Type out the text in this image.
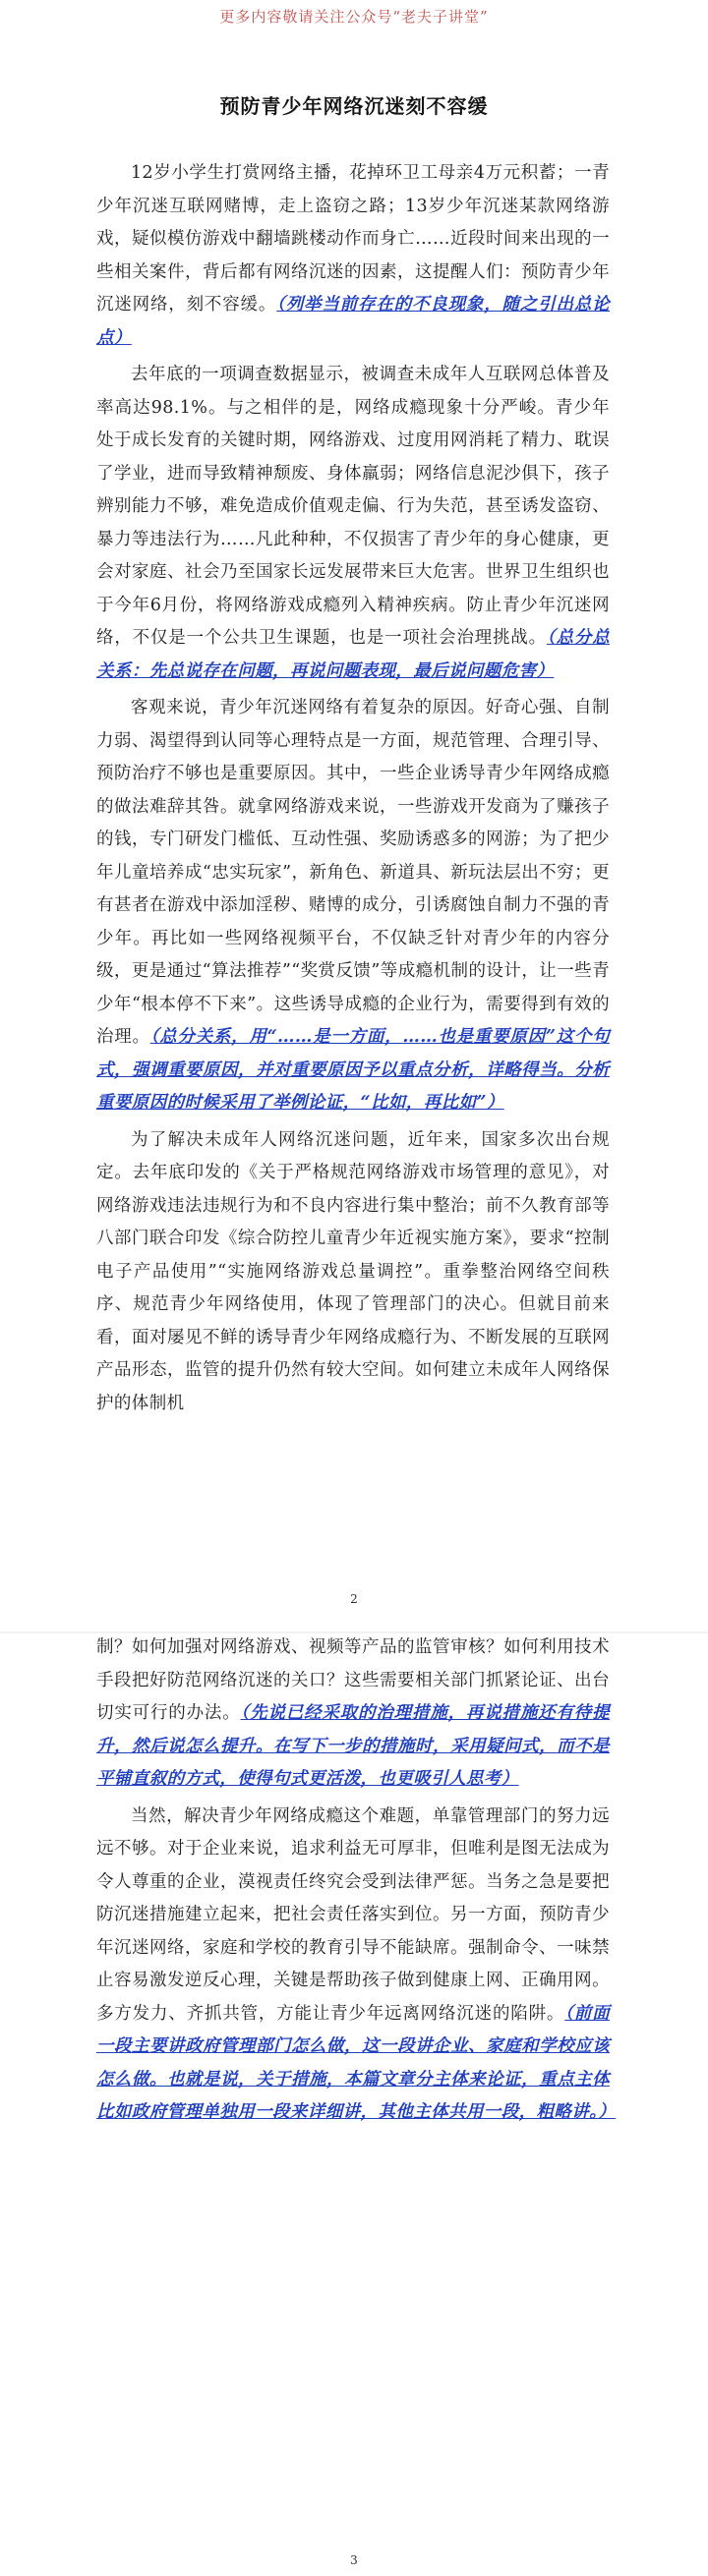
更多内容敬请关注公众号“老夫子讲堂”
预防青少年网络沉迷刻不容缓

12岁小学生打赏网络主播，花掉环卫工母亲4万元积蓄；一青少年沉迷互联网赌博，走上盗窃之路；13岁少年沉迷某款网络游戏，疑似模仿游戏中翻墙跳楼动作而身亡……近段时间来出现的一些相关案件，背后都有网络沉迷的因素，这提醒人们：预防青少年沉迷网络，刻不容缓。（列举当前存在的不良现象，随之引出总论点）

去年底的一项调查数据显示，被调查未成年人互联网总体普及率高达98.1%。与之相伴的是，网络成瘾现象十分严峻。青少年处于成长发育的关键时期，网络游戏、过度用网消耗了精力、耽误了学业，进而导致精神颓废、身体羸弱；网络信息泥沙俱下，孩子辨别能力不够，难免造成价值观走偏、行为失范，甚至诱发盗窃、暴力等违法行为……凡此种种，不仅损害了青少年的身心健康，更会对家庭、社会乃至国家长远发展带来巨大危害。世界卫生组织也于今年6月份，将网络游戏成瘾列入精神疾病。防止青少年沉迷网络，不仅是一个公共卫生课题，也是一项社会治理挑战。（总分总关系：先总说存在问题，再说问题表现，最后说问题危害）

客观来说，青少年沉迷网络有着复杂的原因。好奇心强、自制力弱、渴望得到认同等心理特点是一方面，规范管理、合理引导、预防治疗不够也是重要原因。其中，一些企业诱导青少年网络成瘾的做法难辞其咎。就拿网络游戏来说，一些游戏开发商为了赚孩子的钱，专门研发门槛低、互动性强、奖励诱惑多的网游；为了把少年儿童培养成“忠实玩家”，新角色、新道具、新玩法层出不穷；更有甚者在游戏中添加淫秽、赌博的成分，引诱腐蚀自制力不强的青少年。再比如一些网络视频平台，不仅缺乏针对青少年的内容分级，更是通过“算法推荐”“奖赏反馈”等成瘾机制的设计，让一些青少年“根本停不下来”。这些诱导成瘾的企业行为，需要得到有效的治理。（总分关系，用“……是一方面，……也是重要原因”这个句式，强调重要原因，并对重要原因予以重点分析，详略得当。分析重要原因的时候采用了举例论证，“比如，再比如”）

为了解决未成年人网络沉迷问题，近年来，国家多次出台规定。去年底印发的《关于严格规范网络游戏市场管理的意见》，对网络游戏违法违规行为和不良内容进行集中整治；前不久教育部等八部门联合印发《综合防控儿童青少年近视实施方案》，要求“控制电子产品使用”“实施网络游戏总量调控”。重拳整治网络空间秩序、规范青少年网络使用，体现了管理部门的决心。但就目前来看，面对屡见不鲜的诱导青少年网络成瘾行为、不断发展的互联网产品形态，监管的提升仍然有较大空间。如何建立未成年人网络保护的体制机

2

制？如何加强对网络游戏、视频等产品的监管审核？如何利用技术手段把好防范网络沉迷的关口？这些需要相关部门抓紧论证、出台切实可行的办法。（先说已经采取的治理措施，再说措施还有待提升，然后说怎么提升。在写下一步的措施时，采用疑问式，而不是平铺直叙的方式，使得句式更活泼，也更吸引人思考）

当然，解决青少年网络成瘾这个难题，单靠管理部门的努力远远不够。对于企业来说，追求利益无可厚非，但唯利是图无法成为令人尊重的企业，漠视责任终究会受到法律严惩。当务之急是要把防沉迷措施建立起来，把社会责任落实到位。另一方面，预防青少年沉迷网络，家庭和学校的教育引导不能缺席。强制命令、一味禁止容易激发逆反心理，关键是帮助孩子做到健康上网、正确用网。多方发力、齐抓共管，方能让青少年远离网络沉迷的陷阱。（前面一段主要讲政府管理部门怎么做，这一段讲企业、家庭和学校应该怎么做。也就是说，关于措施，本篇文章分主体来论证，重点主体比如政府管理单独用一段来详细讲，其他主体共用一段，粗略讲。）

3
